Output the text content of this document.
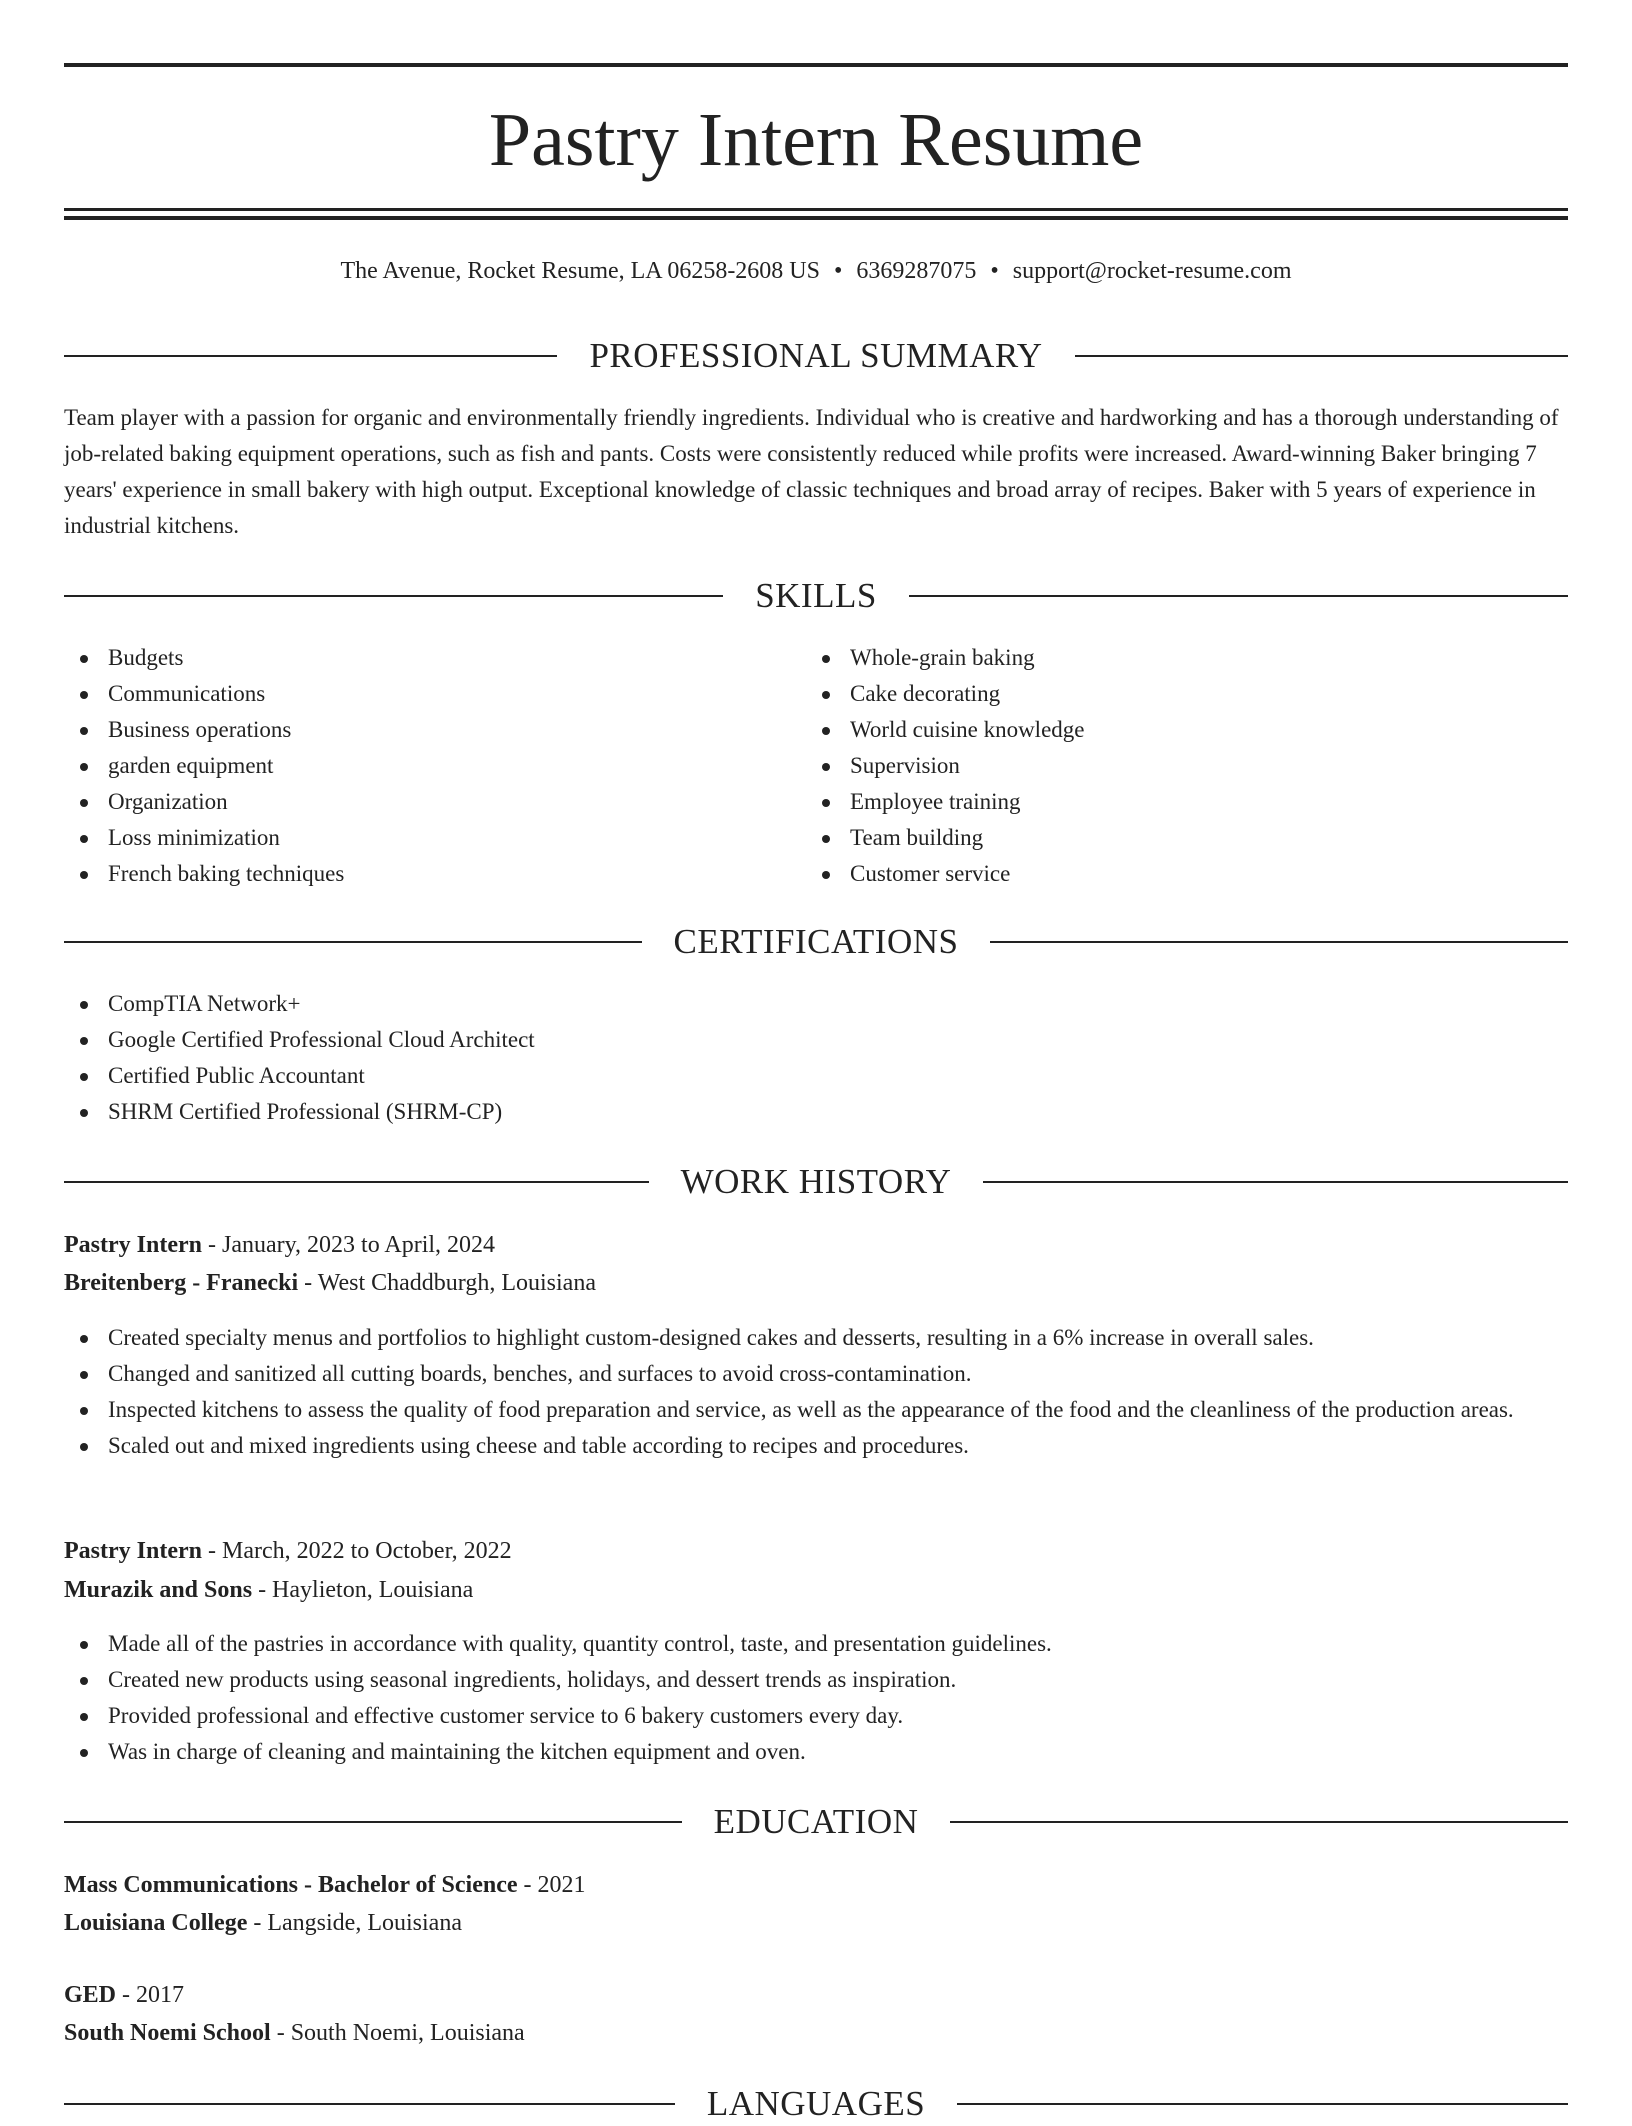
Pastry Intern Resume
The Avenue, Rocket Resume, LA 06258-2608 US • 6369287075 • support@rocket-resume.com
PROFESSIONAL SUMMARY

Team player with a passion for organic and environmentally friendly ingredients. Individual who is creative and hardworking and has a thorough understanding of job-related baking equipment operations, such as fish and pants. Costs were consistently reduced while profits were increased. Award-winning Baker bringing 7 years' experience in small bakery with high output. Exceptional knowledge of classic techniques and broad array of recipes. Baker with 5 years of experience in industrial kitchens.

SKILLS
Budgets
Communications
Business operations
garden equipment
Organization
Loss minimization
French baking techniques
Whole-grain baking
Cake decorating
World cuisine knowledge
Supervision
Employee training
Team building
Customer service
CERTIFICATIONS
CompTIA Network+
Google Certified Professional Cloud Architect
Certified Public Accountant
SHRM Certified Professional (SHRM-CP)
WORK HISTORY
Pastry Intern - January, 2023 to April, 2024
Breitenberg - Franecki - West Chaddburgh, Louisiana
Created specialty menus and portfolios to highlight custom-designed cakes and desserts, resulting in a 6% increase in overall sales.
Changed and sanitized all cutting boards, benches, and surfaces to avoid cross-contamination.
Inspected kitchens to assess the quality of food preparation and service, as well as the appearance of the food and the cleanliness of the production areas.
Scaled out and mixed ingredients using cheese and table according to recipes and procedures.
Pastry Intern - March, 2022 to October, 2022
Murazik and Sons - Haylieton, Louisiana
Made all of the pastries in accordance with quality, quantity control, taste, and presentation guidelines.
Created new products using seasonal ingredients, holidays, and dessert trends as inspiration.
Provided professional and effective customer service to 6 bakery customers every day.
Was in charge of cleaning and maintaining the kitchen equipment and oven.
EDUCATION
Mass Communications - Bachelor of Science - 2021
Louisiana College - Langside, Louisiana
GED - 2017
South Noemi School - South Noemi, Louisiana
LANGUAGES
